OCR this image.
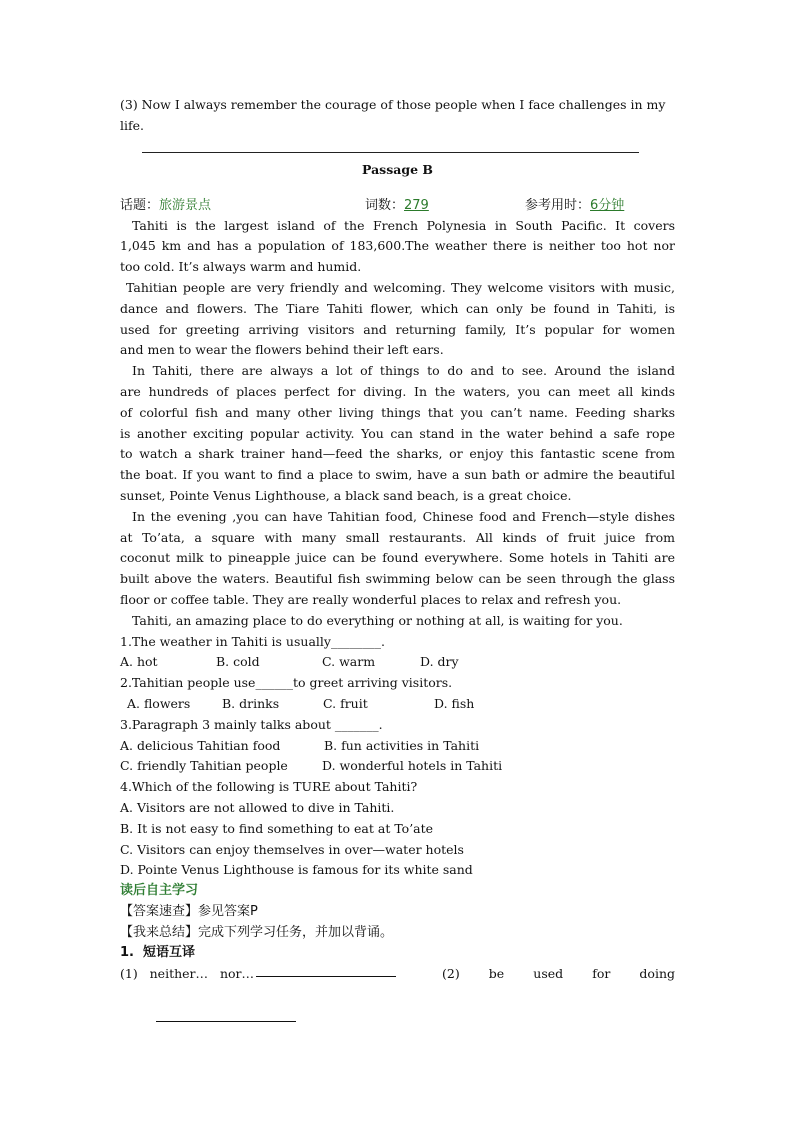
(3) Now I always remember the courage of those people when I face challenges in my
life.
Passage B
话题：旅游景点	词数：279	参考用时：6分钟
Tahiti is the largest island of the French Polynesia in South Pacific. It covers
1,045 km and has a population of 183,600.The weather there is neither too hot nor
too cold. It’s always warm and humid.
Tahitian people are very friendly and welcoming. They welcome visitors with music,
dance and flowers. The Tiare Tahiti flower, which can only be found in Tahiti, is
used for greeting arriving visitors and returning family, It’s popular for women
and men to wear the flowers behind their left ears.
In Tahiti, there are always a lot of things to do and to see. Around the island
are hundreds of places perfect for diving. In the waters, you can meet all kinds
of colorful fish and many other living things that you can’t name. Feeding sharks
is another exciting popular activity. You can stand in the water behind a safe rope
to watch a shark trainer hand—feed the sharks, or enjoy this fantastic scene from
the boat. If you want to find a place to swim, have a sun bath or admire the beautiful
sunset, Pointe Venus Lighthouse, a black sand beach, is a great choice.
In the evening ,you can have Tahitian food, Chinese food and French—style dishes
at To’ata, a square with many small restaurants. All kinds of fruit juice from
coconut milk to pineapple juice can be found everywhere. Some hotels in Tahiti are
built above the waters. Beautiful fish swimming below can be seen through the glass
floor or coffee table. They are really wonderful places to relax and refresh you.
Tahiti, an amazing place to do everything or nothing at all, is waiting for you.
1.The weather in Tahiti is usually________.
A. hot	B. cold	C. warm	D. dry
2.Tahitian people use______to greet arriving visitors.
A. flowers	B. drinks	C. fruit	D. fish
3.Paragraph 3 mainly talks about _______.
A. delicious Tahitian food	B. fun activities in Tahiti
C. friendly Tahitian people	D. wonderful hotels in Tahiti
4.Which of the following is TURE about Tahiti?
A. Visitors are not allowed to dive in Tahiti.
B. It is not easy to find something to eat at To’ate
C. Visitors can enjoy themselves in over—water hotels
D. Pointe Venus Lighthouse is famous for its white sand
读后自主学习
【答案速查】参见答案P
【我来总结】完成下列学习任务，并加以背诵。
1.  短语互译
(1)   neither…   nor…	(2)   be   used   for   doing
